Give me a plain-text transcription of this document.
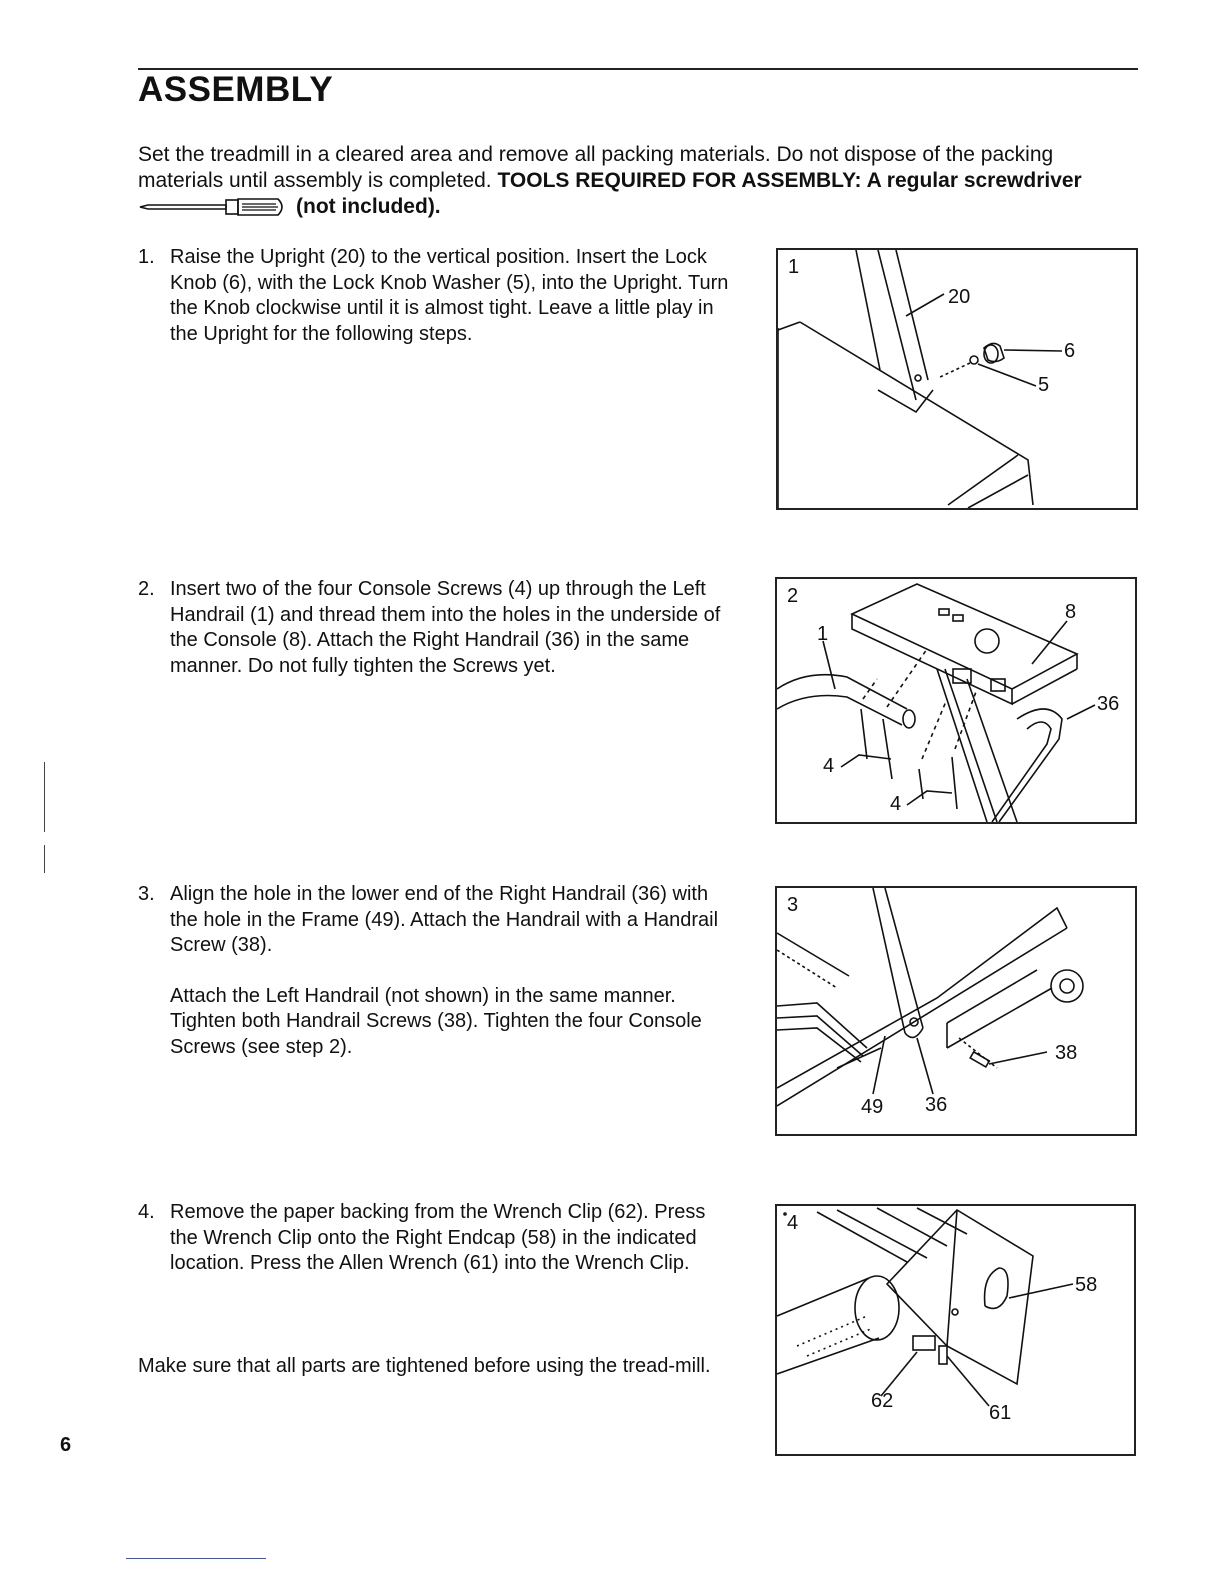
ASSEMBLY

Set the treadmill in a cleared area and remove all packing materials. Do not dispose of the packing

materials until assembly is completed. TOOLS REQUIRED FOR ASSEMBLY: A regular screwdriver

(not included).

1. Raise the Upright (20) to the vertical position. Insert the Lock Knob (6), with the Lock Knob Washer (5), into the Upright. Turn the Knob clockwise until it is almost tight. Leave a little play in the Upright for the following steps.

2. Insert two of the four Console Screws (4) up through the Left Handrail (1) and thread them into the holes in the underside of the Console (8). Attach the Right Handrail (36) in the same manner. Do not fully tighten the Screws yet.

3. Align the hole in the lower end of the Right Handrail (36) with the hole in the Frame (49). Attach the Handrail with a Handrail Screw (38).

Attach the Left Handrail (not shown) in the same manner. Tighten both Handrail Screws (38). Tighten the four Console Screws (see step 2).

4. Remove the paper backing from the Wrench Clip (62). Press the Wrench Clip onto the Right Endcap (58) in the indicated location. Press the Allen Wrench (61) into the Wrench Clip.

Make sure that all parts are tightened before using the tread-mill.

1
20
6
5
2
8
1
36
4
4
3
38
49 36
4
58
62
61
6
